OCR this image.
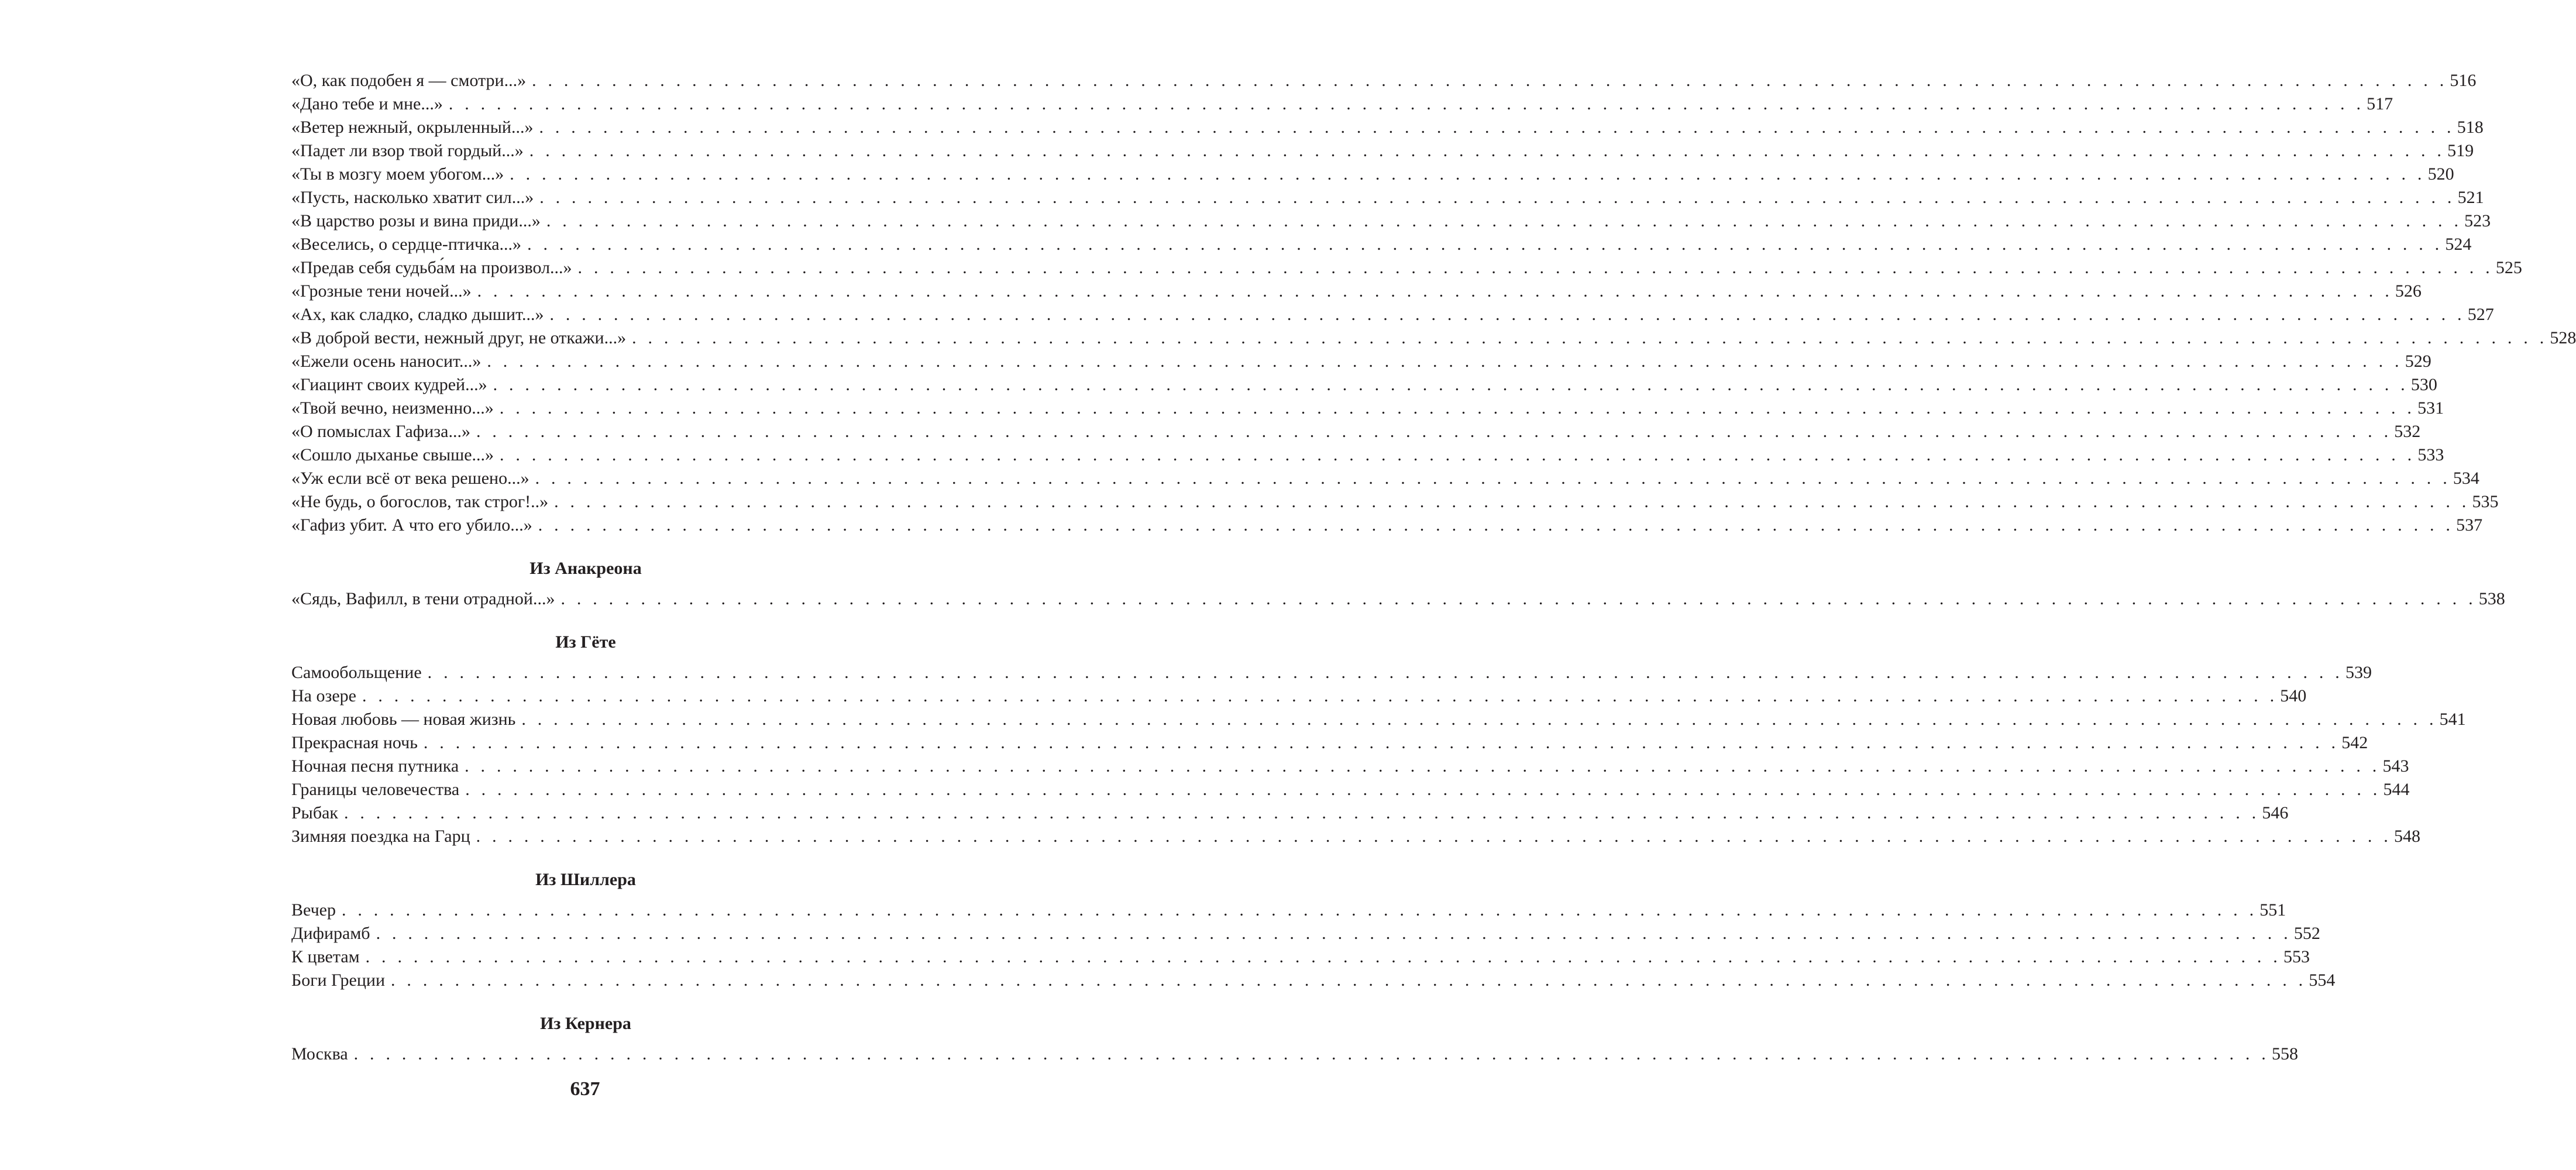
«О, как подобен я — смотри...» . . . . . . . . . . . . . . . . . . . . . . . . . . . . . . . . . . . . . . . . . . . . . . . . . . . . . . . . . . . . . . . . . . . . . . . . . . . . . . . . . . . . . . . . . . . . . . . . . . . . . . . . . . . . . . . . . . . . . . . . 516
«Дано тебе и мне...» . . . . . . . . . . . . . . . . . . . . . . . . . . . . . . . . . . . . . . . . . . . . . . . . . . . . . . . . . . . . . . . . . . . . . . . . . . . . . . . . . . . . . . . . . . . . . . . . . . . . . . . . . . . . . . . . . . . . . . . . 517
«Ветер нежный, окрыленный...» . . . . . . . . . . . . . . . . . . . . . . . . . . . . . . . . . . . . . . . . . . . . . . . . . . . . . . . . . . . . . . . . . . . . . . . . . . . . . . . . . . . . . . . . . . . . . . . . . . . . . . . . . . . . . . . . . . . . . . . . 518
«Падет ли взор твой гордый...» . . . . . . . . . . . . . . . . . . . . . . . . . . . . . . . . . . . . . . . . . . . . . . . . . . . . . . . . . . . . . . . . . . . . . . . . . . . . . . . . . . . . . . . . . . . . . . . . . . . . . . . . . . . . . . . . . . . . . . . . 519
«Ты в мозгу моем убогом...» . . . . . . . . . . . . . . . . . . . . . . . . . . . . . . . . . . . . . . . . . . . . . . . . . . . . . . . . . . . . . . . . . . . . . . . . . . . . . . . . . . . . . . . . . . . . . . . . . . . . . . . . . . . . . . . . . . . . . . . . 520
«Пусть, насколько хватит сил...» . . . . . . . . . . . . . . . . . . . . . . . . . . . . . . . . . . . . . . . . . . . . . . . . . . . . . . . . . . . . . . . . . . . . . . . . . . . . . . . . . . . . . . . . . . . . . . . . . . . . . . . . . . . . . . . . . . . . . . . . 521
«В царство розы и вина приди...» . . . . . . . . . . . . . . . . . . . . . . . . . . . . . . . . . . . . . . . . . . . . . . . . . . . . . . . . . . . . . . . . . . . . . . . . . . . . . . . . . . . . . . . . . . . . . . . . . . . . . . . . . . . . . . . . . . . . . . . . 523
«Веселись, о сердце-птичка...» . . . . . . . . . . . . . . . . . . . . . . . . . . . . . . . . . . . . . . . . . . . . . . . . . . . . . . . . . . . . . . . . . . . . . . . . . . . . . . . . . . . . . . . . . . . . . . . . . . . . . . . . . . . . . . . . . . . . . . . . 524
«Предав себя судьба́м на произвол...» . . . . . . . . . . . . . . . . . . . . . . . . . . . . . . . . . . . . . . . . . . . . . . . . . . . . . . . . . . . . . . . . . . . . . . . . . . . . . . . . . . . . . . . . . . . . . . . . . . . . . . . . . . . . . . . . . . . . . . . . 525
«Грозные тени ночей...» . . . . . . . . . . . . . . . . . . . . . . . . . . . . . . . . . . . . . . . . . . . . . . . . . . . . . . . . . . . . . . . . . . . . . . . . . . . . . . . . . . . . . . . . . . . . . . . . . . . . . . . . . . . . . . . . . . . . . . . . 526
«Ах, как сладко, сладко дышит...» . . . . . . . . . . . . . . . . . . . . . . . . . . . . . . . . . . . . . . . . . . . . . . . . . . . . . . . . . . . . . . . . . . . . . . . . . . . . . . . . . . . . . . . . . . . . . . . . . . . . . . . . . . . . . . . . . . . . . . . . 527
«В доброй вести, нежный друг, не откажи...» . . . . . . . . . . . . . . . . . . . . . . . . . . . . . . . . . . . . . . . . . . . . . . . . . . . . . . . . . . . . . . . . . . . . . . . . . . . . . . . . . . . . . . . . . . . . . . . . . . . . . . . . . . . . . . . . . . . . . . . . 528
«Ежели осень наносит...» . . . . . . . . . . . . . . . . . . . . . . . . . . . . . . . . . . . . . . . . . . . . . . . . . . . . . . . . . . . . . . . . . . . . . . . . . . . . . . . . . . . . . . . . . . . . . . . . . . . . . . . . . . . . . . . . . . . . . . . . 529
«Гиацинт своих кудрей...» . . . . . . . . . . . . . . . . . . . . . . . . . . . . . . . . . . . . . . . . . . . . . . . . . . . . . . . . . . . . . . . . . . . . . . . . . . . . . . . . . . . . . . . . . . . . . . . . . . . . . . . . . . . . . . . . . . . . . . . . 530
«Твой вечно, неизменно...» . . . . . . . . . . . . . . . . . . . . . . . . . . . . . . . . . . . . . . . . . . . . . . . . . . . . . . . . . . . . . . . . . . . . . . . . . . . . . . . . . . . . . . . . . . . . . . . . . . . . . . . . . . . . . . . . . . . . . . . . 531
«О помыслах Гафиза...» . . . . . . . . . . . . . . . . . . . . . . . . . . . . . . . . . . . . . . . . . . . . . . . . . . . . . . . . . . . . . . . . . . . . . . . . . . . . . . . . . . . . . . . . . . . . . . . . . . . . . . . . . . . . . . . . . . . . . . . . 532
«Сошло дыханье свыше...» . . . . . . . . . . . . . . . . . . . . . . . . . . . . . . . . . . . . . . . . . . . . . . . . . . . . . . . . . . . . . . . . . . . . . . . . . . . . . . . . . . . . . . . . . . . . . . . . . . . . . . . . . . . . . . . . . . . . . . . . 533
«Уж если всё от века решено...» . . . . . . . . . . . . . . . . . . . . . . . . . . . . . . . . . . . . . . . . . . . . . . . . . . . . . . . . . . . . . . . . . . . . . . . . . . . . . . . . . . . . . . . . . . . . . . . . . . . . . . . . . . . . . . . . . . . . . . . . 534
«Не будь, о богослов, так строг!..» . . . . . . . . . . . . . . . . . . . . . . . . . . . . . . . . . . . . . . . . . . . . . . . . . . . . . . . . . . . . . . . . . . . . . . . . . . . . . . . . . . . . . . . . . . . . . . . . . . . . . . . . . . . . . . . . . . . . . . . . 535
«Гафиз убит. А что его убило...» . . . . . . . . . . . . . . . . . . . . . . . . . . . . . . . . . . . . . . . . . . . . . . . . . . . . . . . . . . . . . . . . . . . . . . . . . . . . . . . . . . . . . . . . . . . . . . . . . . . . . . . . . . . . . . . . . . . . . . . . 537
Из Анакреона
«Сядь, Вафилл, в тени отрадной...» . . . . . . . . . . . . . . . . . . . . . . . . . . . . . . . . . . . . . . . . . . . . . . . . . . . . . . . . . . . . . . . . . . . . . . . . . . . . . . . . . . . . . . . . . . . . . . . . . . . . . . . . . . . . . . . . . . . . . . . . 538
Из Гёте
Самообольщение . . . . . . . . . . . . . . . . . . . . . . . . . . . . . . . . . . . . . . . . . . . . . . . . . . . . . . . . . . . . . . . . . . . . . . . . . . . . . . . . . . . . . . . . . . . . . . . . . . . . . . . . . . . . . . . . . . . . . . . . 539
На озере . . . . . . . . . . . . . . . . . . . . . . . . . . . . . . . . . . . . . . . . . . . . . . . . . . . . . . . . . . . . . . . . . . . . . . . . . . . . . . . . . . . . . . . . . . . . . . . . . . . . . . . . . . . . . . . . . . . . . . . . 540
Новая любовь — новая жизнь . . . . . . . . . . . . . . . . . . . . . . . . . . . . . . . . . . . . . . . . . . . . . . . . . . . . . . . . . . . . . . . . . . . . . . . . . . . . . . . . . . . . . . . . . . . . . . . . . . . . . . . . . . . . . . . . . . . . . . . . 541
Прекрасная ночь . . . . . . . . . . . . . . . . . . . . . . . . . . . . . . . . . . . . . . . . . . . . . . . . . . . . . . . . . . . . . . . . . . . . . . . . . . . . . . . . . . . . . . . . . . . . . . . . . . . . . . . . . . . . . . . . . . . . . . . . 542
Ночная песня путника . . . . . . . . . . . . . . . . . . . . . . . . . . . . . . . . . . . . . . . . . . . . . . . . . . . . . . . . . . . . . . . . . . . . . . . . . . . . . . . . . . . . . . . . . . . . . . . . . . . . . . . . . . . . . . . . . . . . . . . . 543
Границы человечества . . . . . . . . . . . . . . . . . . . . . . . . . . . . . . . . . . . . . . . . . . . . . . . . . . . . . . . . . . . . . . . . . . . . . . . . . . . . . . . . . . . . . . . . . . . . . . . . . . . . . . . . . . . . . . . . . . . . . . . . 544
Рыбак . . . . . . . . . . . . . . . . . . . . . . . . . . . . . . . . . . . . . . . . . . . . . . . . . . . . . . . . . . . . . . . . . . . . . . . . . . . . . . . . . . . . . . . . . . . . . . . . . . . . . . . . . . . . . . . . . . . . . . . . 546
Зимняя поездка на Гарц . . . . . . . . . . . . . . . . . . . . . . . . . . . . . . . . . . . . . . . . . . . . . . . . . . . . . . . . . . . . . . . . . . . . . . . . . . . . . . . . . . . . . . . . . . . . . . . . . . . . . . . . . . . . . . . . . . . . . . . . 548
Из Шиллера
Вечер . . . . . . . . . . . . . . . . . . . . . . . . . . . . . . . . . . . . . . . . . . . . . . . . . . . . . . . . . . . . . . . . . . . . . . . . . . . . . . . . . . . . . . . . . . . . . . . . . . . . . . . . . . . . . . . . . . . . . . . . 551
Дифирамб . . . . . . . . . . . . . . . . . . . . . . . . . . . . . . . . . . . . . . . . . . . . . . . . . . . . . . . . . . . . . . . . . . . . . . . . . . . . . . . . . . . . . . . . . . . . . . . . . . . . . . . . . . . . . . . . . . . . . . . . 552
К цветам . . . . . . . . . . . . . . . . . . . . . . . . . . . . . . . . . . . . . . . . . . . . . . . . . . . . . . . . . . . . . . . . . . . . . . . . . . . . . . . . . . . . . . . . . . . . . . . . . . . . . . . . . . . . . . . . . . . . . . . . 553
Боги Греции . . . . . . . . . . . . . . . . . . . . . . . . . . . . . . . . . . . . . . . . . . . . . . . . . . . . . . . . . . . . . . . . . . . . . . . . . . . . . . . . . . . . . . . . . . . . . . . . . . . . . . . . . . . . . . . . . . . . . . . . 554
Из Кернера
Москва . . . . . . . . . . . . . . . . . . . . . . . . . . . . . . . . . . . . . . . . . . . . . . . . . . . . . . . . . . . . . . . . . . . . . . . . . . . . . . . . . . . . . . . . . . . . . . . . . . . . . . . . . . . . . . . . . . . . . . . . 558
637
